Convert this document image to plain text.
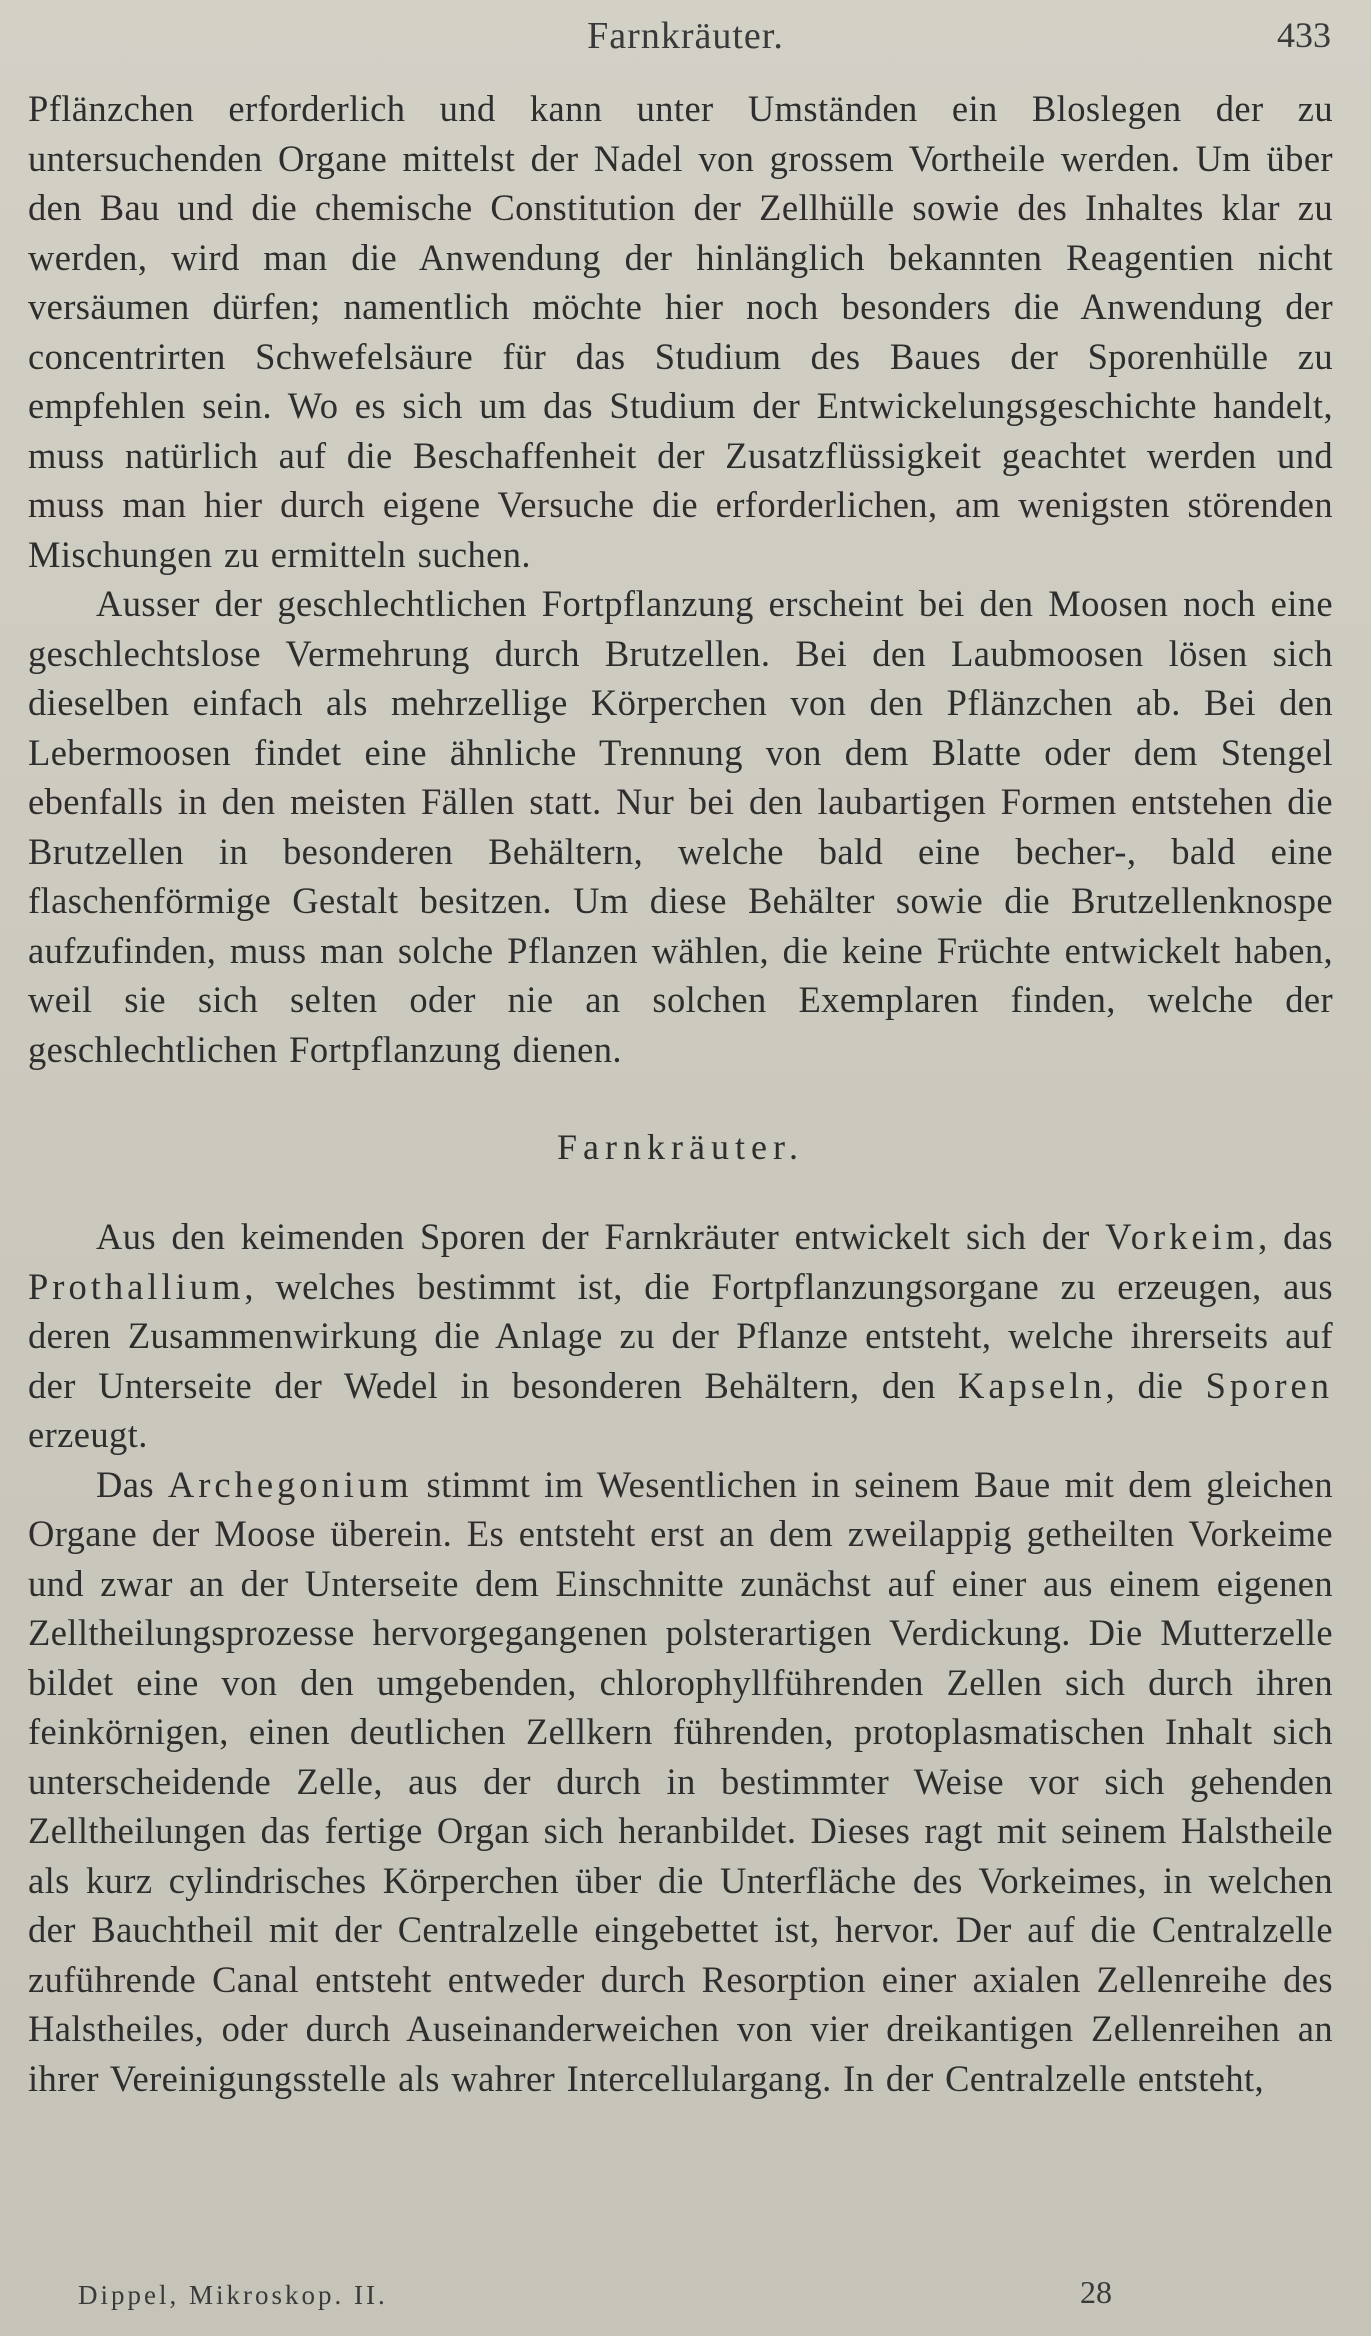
Farnkräuter.	433

Pflänzchen erforderlich und kann unter Umständen ein Bloslegen der zu untersuchenden Organe mittelst der Nadel von grossem Vortheile werden. Um über den Bau und die chemische Constitution der Zellhülle sowie des Inhaltes klar zu werden, wird man die Anwendung der hinlänglich bekannten Reagentien nicht versäumen dürfen; namentlich möchte hier noch besonders die Anwendung der concentrirten Schwefelsäure für das Studium des Baues der Sporenhülle zu empfehlen sein. Wo es sich um das Studium der Entwickelungsgeschichte handelt, muss natürlich auf die Beschaffenheit der Zusatzflüssigkeit geachtet werden und muss man hier durch eigene Versuche die erforderlichen, am wenigsten störenden Mischungen zu ermitteln suchen.

Ausser der geschlechtlichen Fortpflanzung erscheint bei den Moosen noch eine geschlechtslose Vermehrung durch Brutzellen. Bei den Laubmoosen lösen sich dieselben einfach als mehrzellige Körperchen von den Pflänzchen ab. Bei den Lebermoosen findet eine ähnliche Trennung von dem Blatte oder dem Stengel ebenfalls in den meisten Fällen statt. Nur bei den laubartigen Formen entstehen die Brutzellen in besonderen Behältern, welche bald eine becher-, bald eine flaschenförmige Gestalt besitzen. Um diese Behälter sowie die Brutzellenknospe aufzufinden, muss man solche Pflanzen wählen, die keine Früchte entwickelt haben, weil sie sich selten oder nie an solchen Exemplaren finden, welche der geschlechtlichen Fortpflanzung dienen.

Farnkräuter.

Aus den keimenden Sporen der Farnkräuter entwickelt sich der Vorkeim, das Prothallium, welches bestimmt ist, die Fortpflanzungsorgane zu erzeugen, aus deren Zusammenwirkung die Anlage zu der Pflanze entsteht, welche ihrerseits auf der Unterseite der Wedel in besonderen Behältern, den Kapseln, die Sporen erzeugt.

Das Archegonium stimmt im Wesentlichen in seinem Baue mit dem gleichen Organe der Moose überein. Es entsteht erst an dem zweilappig getheilten Vorkeime und zwar an der Unterseite dem Einschnitte zunächst auf einer aus einem eigenen Zelltheilungsprozesse hervorgegangenen polsterartigen Verdickung. Die Mutterzelle bildet eine von den umgebenden, chlorophyllführenden Zellen sich durch ihren feinkörnigen, einen deutlichen Zellkern führenden, protoplasmatischen Inhalt sich unterscheidende Zelle, aus der durch in bestimmter Weise vor sich gehenden Zelltheilungen das fertige Organ sich heranbildet. Dieses ragt mit seinem Halstheile als kurz cylindrisches Körperchen über die Unterfläche des Vorkeimes, in welchen der Bauchtheil mit der Centralzelle eingebettet ist, hervor. Der auf die Centralzelle zuführende Canal entsteht entweder durch Resorption einer axialen Zellenreihe des Halstheiles, oder durch Auseinanderweichen von vier dreikantigen Zellenreihen an ihrer Vereinigungsstelle als wahrer Intercellulargang. In der Centralzelle entsteht,

Dippel, Mikroskop. II.	28
